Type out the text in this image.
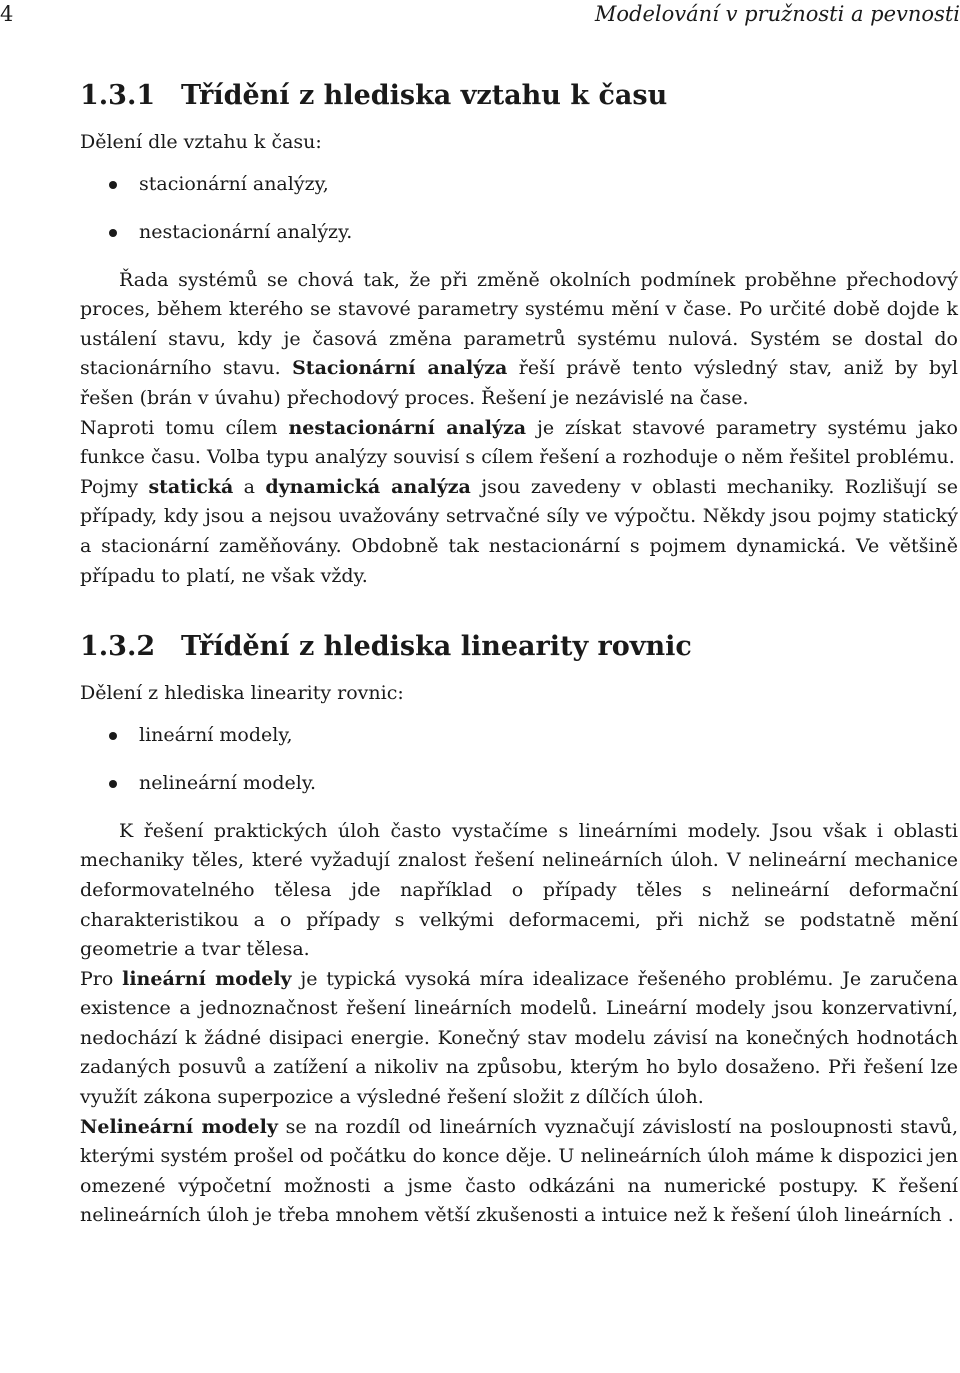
4	Modelování v pružnosti a pevnosti
1.3.1 Třídění z hlediska vztahu k času

Dělení dle vztahu k času:

stacionární analýzy,
nestacionární analýzy.

Řada systémů se chová tak, že při změně okolních podmínek proběhne přechodový proces, během kterého se stavové parametry systému mění v čase. Po určité době dojde k ustálení stavu, kdy je časová změna parametrů systému nulová. Systém se dostal do stacionárního stavu. Stacionární analýza řeší právě tento výsledný stav, aniž by byl řešen (brán v úvahu) přechodový proces. Řešení je nezávislé na čase.

Naproti tomu cílem nestacionární analýza je získat stavové parametry systému jako funkce času. Volba typu analýzy souvisí s cílem řešení a rozhoduje o něm řešitel problému.

Pojmy statická a dynamická analýza jsou zavedeny v oblasti mechaniky. Rozlišují se případy, kdy jsou a nejsou uvažovány setrvačné síly ve výpočtu. Někdy jsou pojmy statický a stacionární zaměňovány. Obdobně tak nestacionární s pojmem dynamická. Ve většině případu to platí, ne však vždy.

1.3.2 Třídění z hlediska linearity rovnic

Dělení z hlediska linearity rovnic:

lineární modely,
nelineární modely.

K řešení praktických úloh často vystačíme s lineárními modely. Jsou však i oblasti mechaniky těles, které vyžadují znalost řešení nelineárních úloh. V nelineární mechanice deformovatelného tělesa jde například o případy těles s nelineární deformační charakteristikou a o případy s velkými deformacemi, při nichž se podstatně mění geometrie a tvar tělesa.

Pro lineární modely je typická vysoká míra idealizace řešeného problému. Je zaručena existence a jednoznačnost řešení lineárních modelů. Lineární modely jsou konzervativní, nedochází k žádné disipaci energie. Konečný stav modelu závisí na konečných hodnotách zadaných posuvů a zatížení a nikoliv na způsobu, kterým ho bylo dosaženo. Při řešení lze využít zákona superpozice a výsledné řešení složit z dílčích úloh.

Nelineární modely se na rozdíl od lineárních vyznačují závislostí na posloupnosti stavů, kterými systém prošel od počátku do konce děje. U nelineárních úloh máme k dispozici jen omezené výpočetní možnosti a jsme často odkázáni na numerické postupy. K řešení nelineárních úloh je třeba mnohem větší zkušenosti a intuice než k řešení úloh lineárních .
